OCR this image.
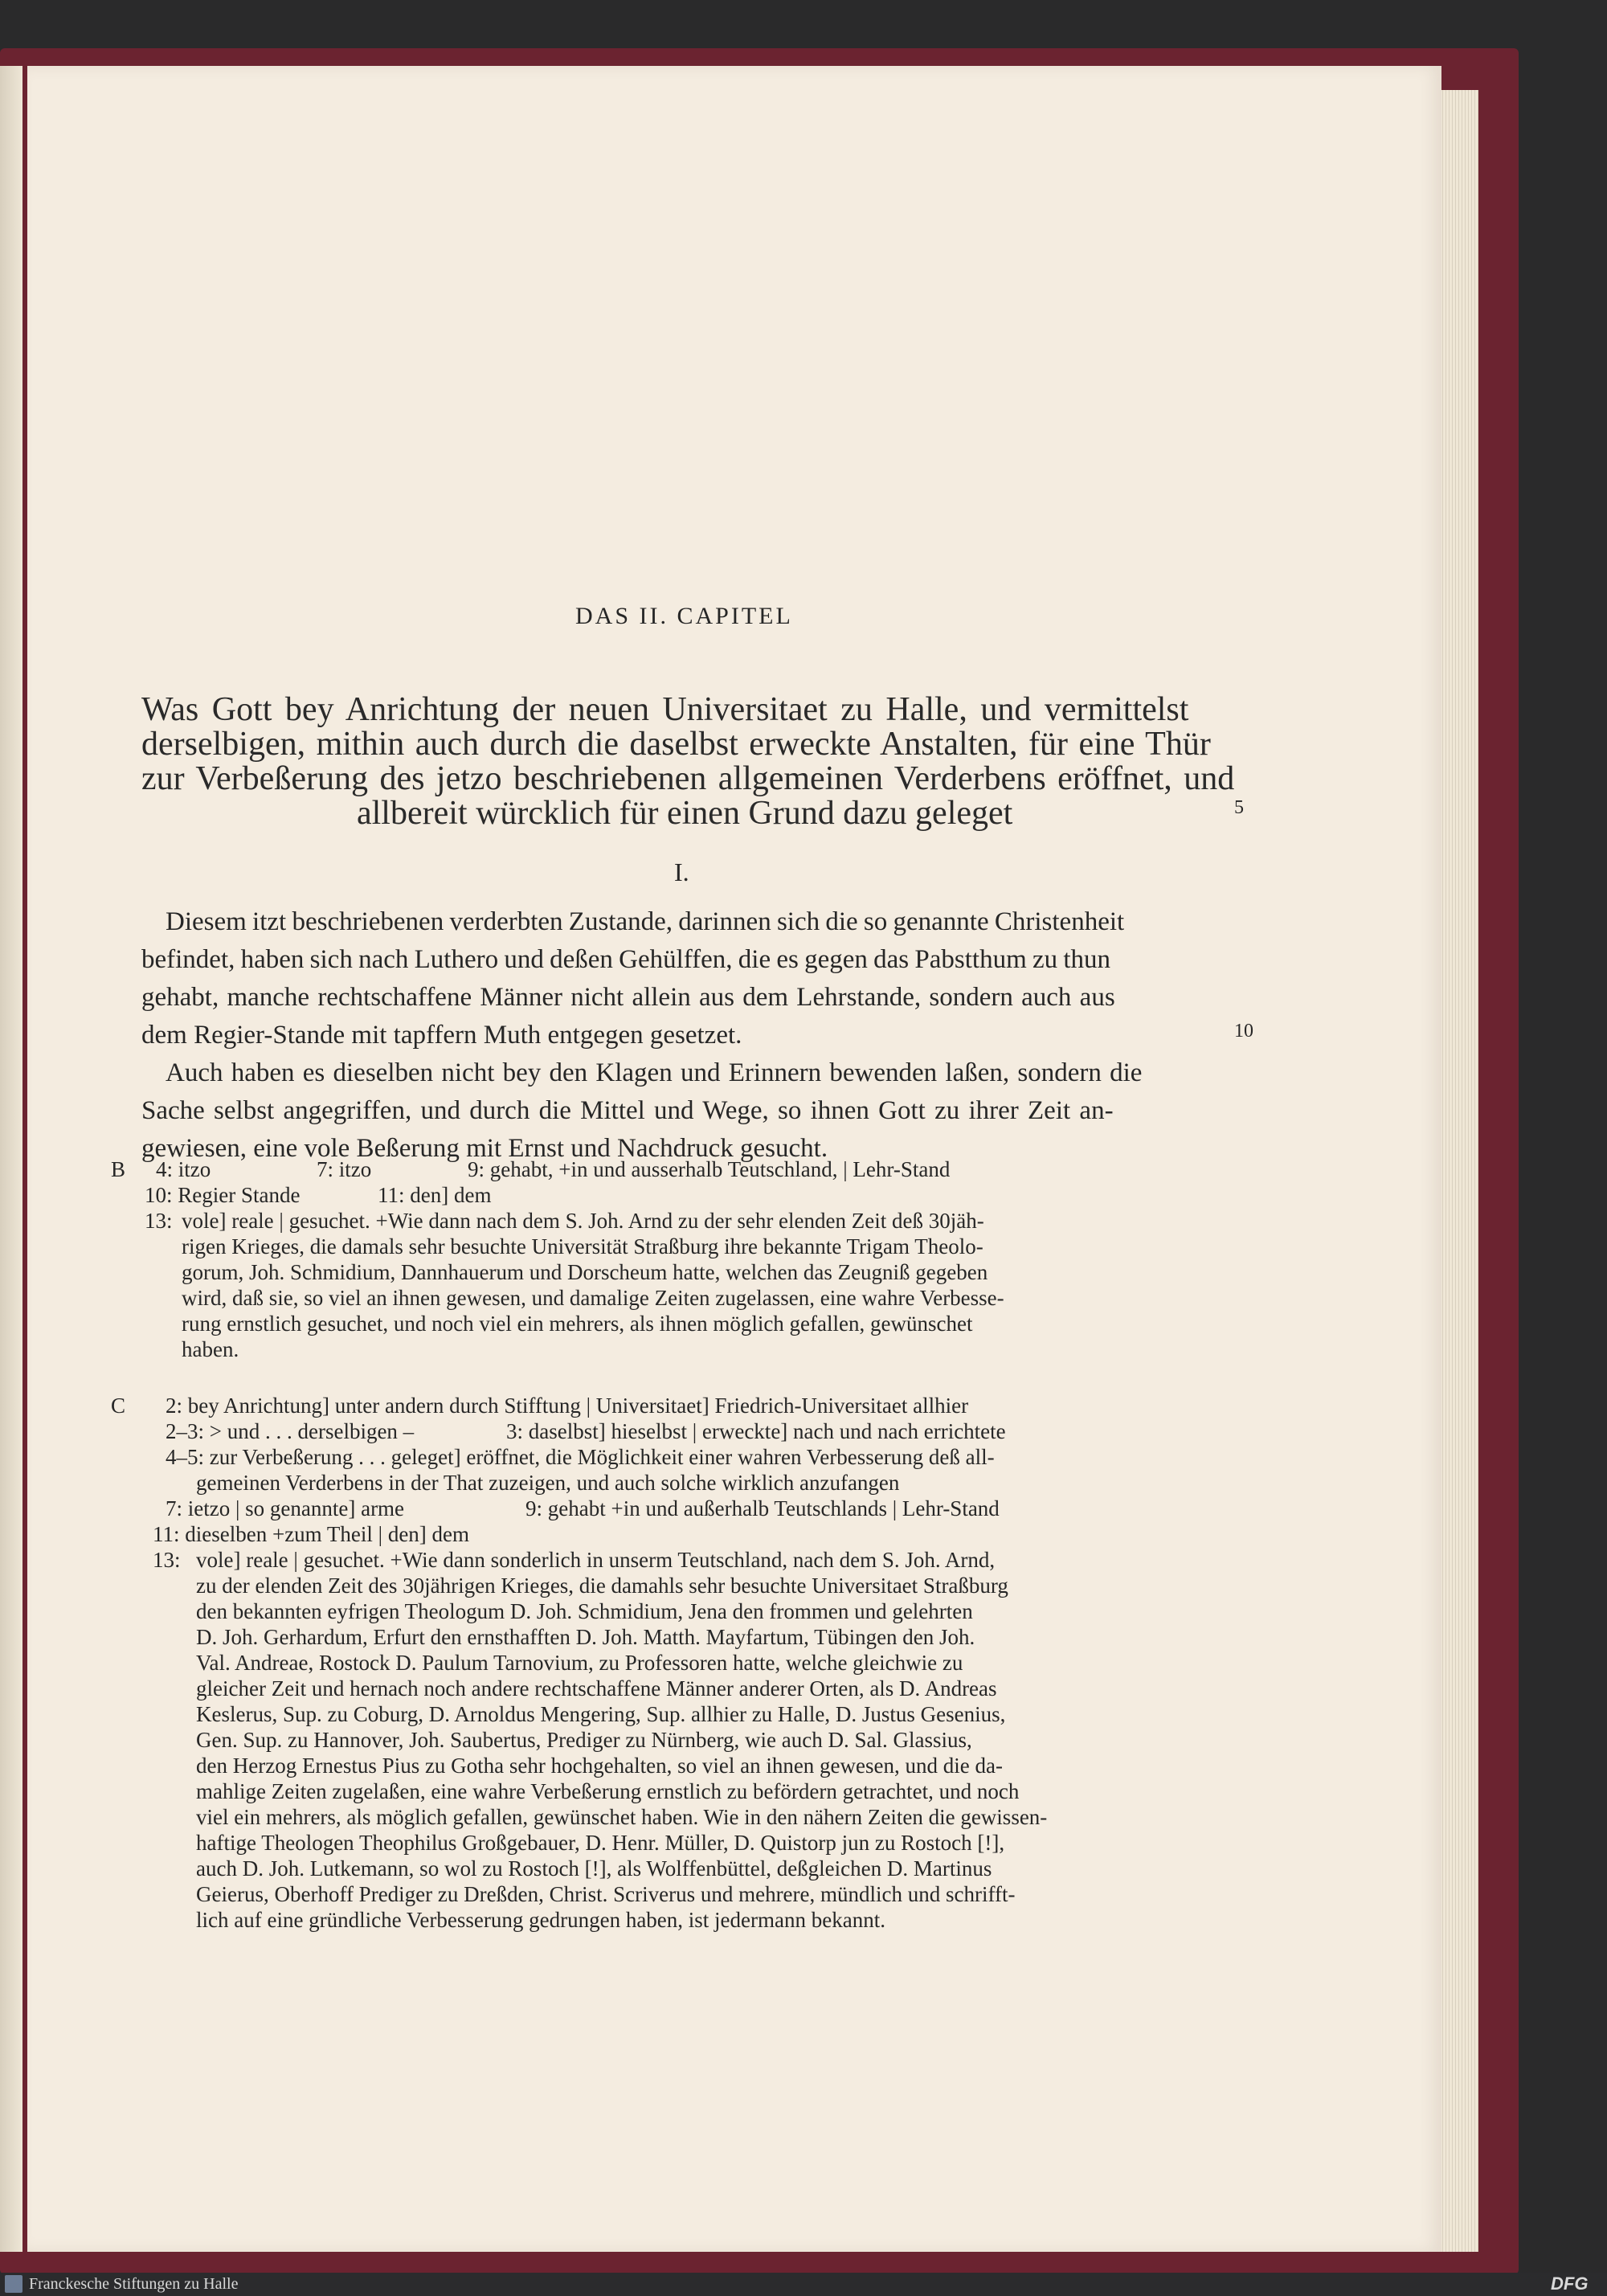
DAS II. CAPITEL
Was Gott bey Anrichtung der neuen Universitaet zu Halle, und vermittelst
derselbigen, mithin auch durch die daselbst erweckte Anstalten, für eine Thür
zur Verbeßerung des jetzo beschriebenen allgemeinen Verderbens eröffnet, und
allbereit würcklich für einen Grund dazu geleget	5
I.
Diesem itzt beschriebenen verderbten Zustande, darinnen sich die so genannte Christenheit
befindet, haben sich nach Luthero und deßen Gehülffen, die es gegen das Pabstthum zu thun
gehabt, manche rechtschaffene Männer nicht allein aus dem Lehrstande, sondern auch aus
dem Regier-Stande mit tapffern Muth entgegen gesetzet.
Auch haben es dieselben nicht bey den Klagen und Erinnern bewenden laßen, sondern die
Sache selbst angegriffen, und durch die Mittel und Wege, so ihnen Gott zu ihrer Zeit an-
gewiesen, eine vole Beßerung mit Ernst und Nachdruck gesucht.
10
B 4: itzo	7: itzo	9: gehabt, +in und ausserhalb Teutschland, | Lehr-Stand
10: Regier Stande	11: den] dem
13: vole] reale | gesuchet. +Wie dann nach dem S. Joh. Arnd zu der sehr elenden Zeit deß 30jäh-
rigen Krieges, die damals sehr besuchte Universität Straßburg ihre bekannte Trigam Theolo-
gorum, Joh. Schmidium, Dannhauerum und Dorscheum hatte, welchen das Zeugniß gegeben
wird, daß sie, so viel an ihnen gewesen, und damalige Zeiten zugelassen, eine wahre Verbesse-
rung ernstlich gesuchet, und noch viel ein mehrers, als ihnen möglich gefallen, gewünschet
haben.
C 2: bey Anrichtung] unter andern durch Stifftung | Universitaet] Friedrich-Universitaet allhier
2–3: > und . . . derselbigen –	3: daselbst] hieselbst | erweckte] nach und nach errichtete
4–5: zur Verbeßerung . . . geleget] eröffnet, die Möglichkeit einer wahren Verbesserung deß all-
gemeinen Verderbens in der That zuzeigen, und auch solche wirklich anzufangen
7: ietzo | so genannte] arme	9: gehabt +in und außerhalb Teutschlands | Lehr-Stand
11: dieselben +zum Theil | den] dem
13: vole] reale | gesuchet. +Wie dann sonderlich in unserm Teutschland, nach dem S. Joh. Arnd,
zu der elenden Zeit des 30jährigen Krieges, die damahls sehr besuchte Universitaet Straßburg
den bekannten eyfrigen Theologum D. Joh. Schmidium, Jena den frommen und gelehrten
D. Joh. Gerhardum, Erfurt den ernsthafften D. Joh. Matth. Mayfartum, Tübingen den Joh.
Val. Andreae, Rostock D. Paulum Tarnovium, zu Professoren hatte, welche gleichwie zu
gleicher Zeit und hernach noch andere rechtschaffene Männer anderer Orten, als D. Andreas
Keslerus, Sup. zu Coburg, D. Arnoldus Mengering, Sup. allhier zu Halle, D. Justus Gesenius,
Gen. Sup. zu Hannover, Joh. Saubertus, Prediger zu Nürnberg, wie auch D. Sal. Glassius,
den Herzog Ernestus Pius zu Gotha sehr hochgehalten, so viel an ihnen gewesen, und die da-
mahlige Zeiten zugelaßen, eine wahre Verbeßerung ernstlich zu befördern getrachtet, und noch
viel ein mehrers, als möglich gefallen, gewünschet haben. Wie in den nähern Zeiten die gewissen-
haftige Theologen Theophilus Großgebauer, D. Henr. Müller, D. Quistorp jun zu Rostoch [!],
auch D. Joh. Lutkemann, so wol zu Rostoch [!], als Wolffenbüttel, deßgleichen D. Martinus
Geierus, Oberhoff Prediger zu Dreßden, Christ. Scriverus und mehrere, mündlich und schrifft-
lich auf eine gründliche Verbesserung gedrungen haben, ist jedermann bekannt.
Franckesche Stiftungen zu Halle	DFG
